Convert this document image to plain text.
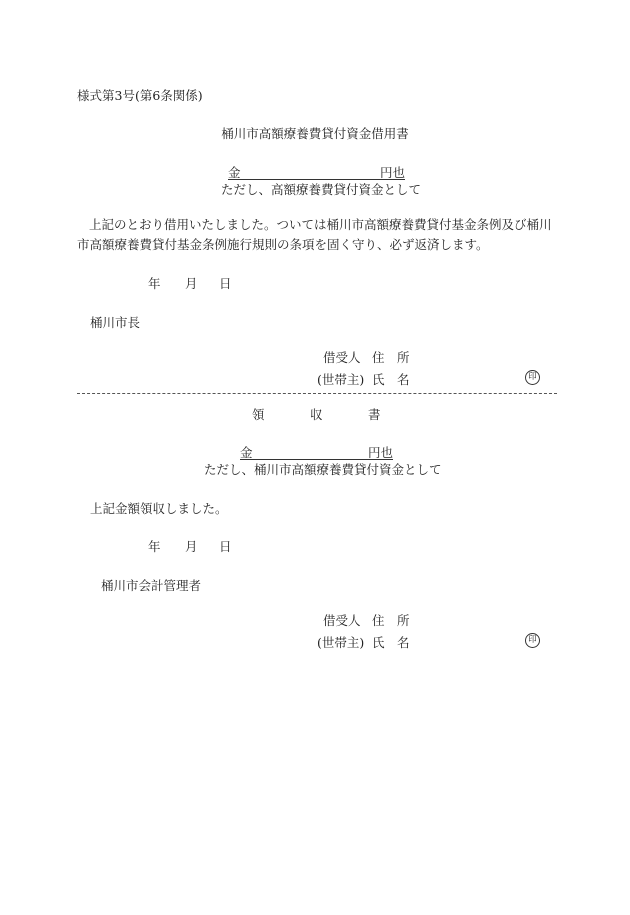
様式第3号(第6条関係)
桶川市高額療養費貸付資金借用書
金	円也
ただし、高額療養費貸付資金として
上記のとおり借用いたしました。ついては桶川市高額療養費貸付基金条例及び桶川市高額療養費貸付基金条例施行規則の条項を固く守り、必ず返済します。
年 月 日
桶川市長
借受人 住　所
(世帯主) 氏　名	印
領	収	書
金	円也
ただし、桶川市高額療養費貸付資金として
上記金額領収しました。
年 月 日
桶川市会計管理者
借受人 住　所
(世帯主) 氏　名	印
